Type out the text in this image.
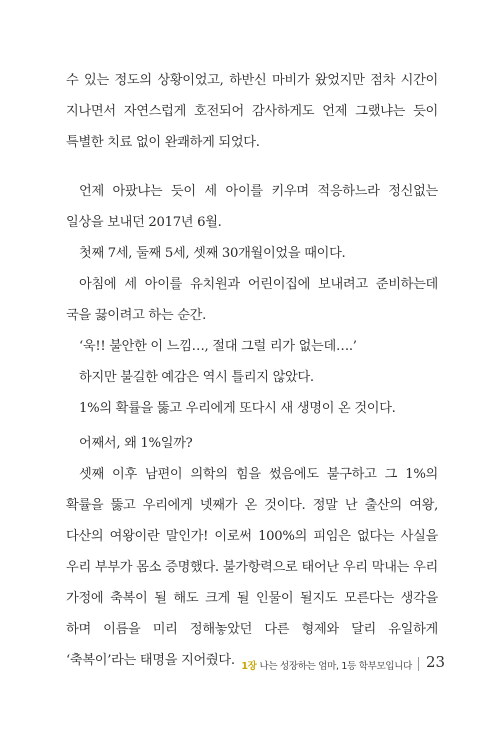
수 있는 정도의 상황이었고, 하반신 마비가 왔었지만 점차 시간이 지나면서 자연스럽게 호전되어 감사하게도 언제 그랬냐는 듯이 특별한 치료 없이 완쾌하게 되었다.

언제 아팠냐는 듯이 세 아이를 키우며 적응하느라 정신없는 일상을 보내던 2017년 6월.

첫째 7세, 둘째 5세, 셋째 30개월이었을 때이다.

아침에 세 아이를 유치원과 어린이집에 보내려고 준비하는데 국을 끓이려고 하는 순간.

‘욱!! 불안한 이 느낌…, 절대 그럴 리가 없는데….’

하지만 불길한 예감은 역시 틀리지 않았다.

1%의 확률을 뚫고 우리에게 또다시 새 생명이 온 것이다.

어째서, 왜 1%일까?

셋째 이후 남편이 의학의 힘을 썼음에도 불구하고 그 1%의 확률을 뚫고 우리에게 넷째가 온 것이다. 정말 난 출산의 여왕, 다산의 여왕이란 말인가! 이로써 100%의 피임은 없다는 사실을 우리 부부가 몸소 증명했다. 불가항력으로 태어난 우리 막내는 우리 가정에 축복이 될 해도 크게 될 인물이 될지도 모른다는 생각을 하며 이름을 미리 정해놓았던 다른 형제와 달리 유일하게 ‘축복이’라는 태명을 지어줬다. 1장 나는 성장하는 엄마, 1등 학부모입니다 23
